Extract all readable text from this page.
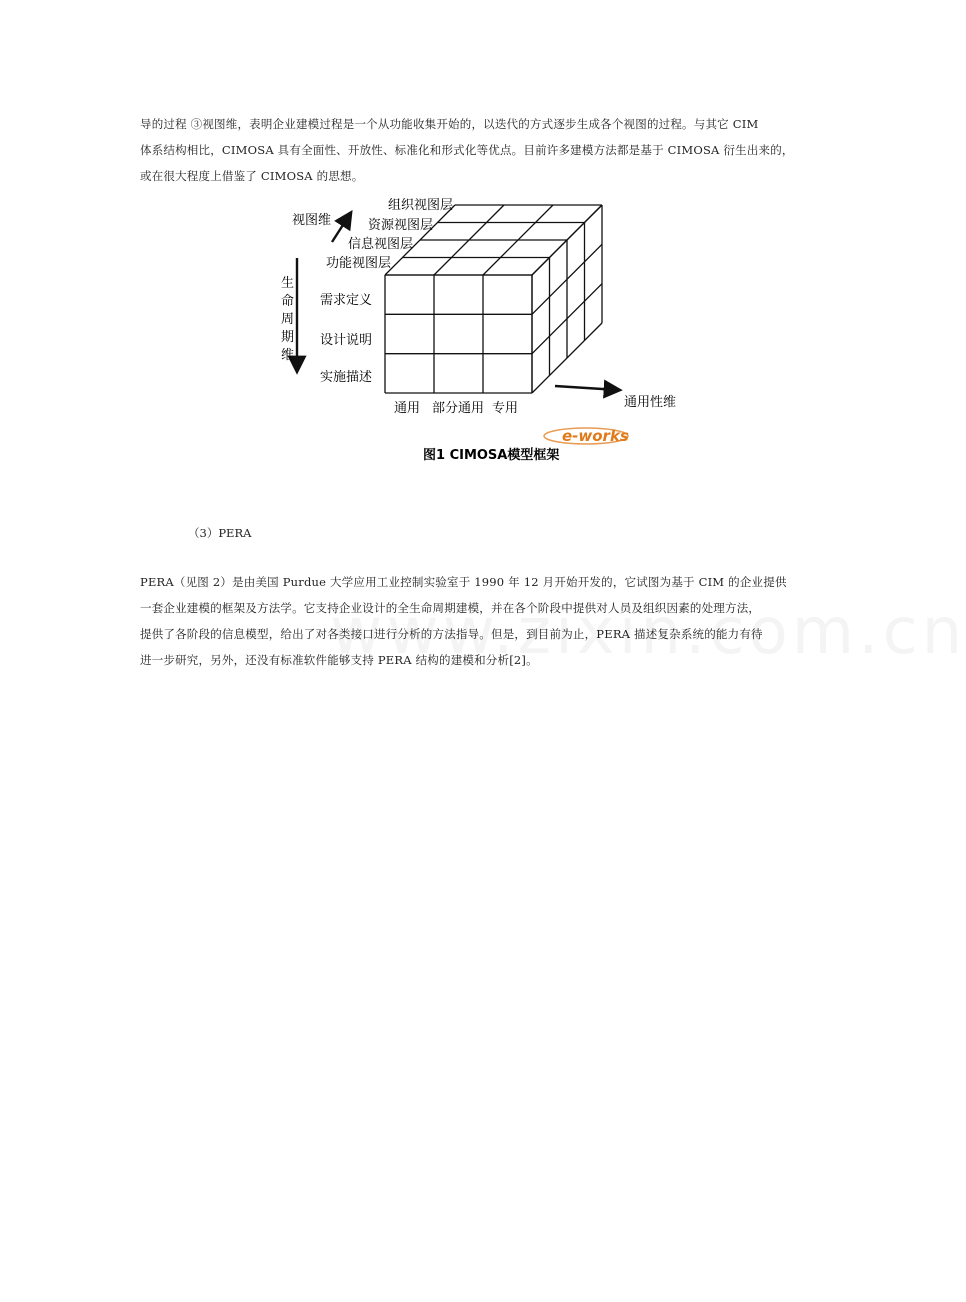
导的过程 ③视图维，表明企业建模过程是一个从功能收集开始的，以迭代的方式逐步生成各个视图的过程。与其它 CIM
体系结构相比，CIMOSA 具有全面性、开放性、标准化和形式化等优点。目前许多建模方法都是基于 CIMOSA 衍生出来的，
或在很大程度上借鉴了 CIMOSA 的思想。
视图维
组织视图层
资源视图层
信息视图层
功能视图层
生
命
周
期
维
需求定义
设计说明
实施描述
通用 部分通用 专用	通用性维
e-works
图1 CIMOSA模型框架
（3）PERA
PERA（见图 2）是由美国 Purdue 大学应用工业控制实验室于 1990 年 12 月开始开发的，它试图为基于 CIM 的企业提供
一套企业建模的框架及方法学。它支持企业设计的全生命周期建模，并在各个阶段中提供对人员及组织因素的处理方法，
提供了各阶段的信息模型，给出了对各类接口进行分析的方法指导。但是，到目前为止，PERA 描述复杂系统的能力有待
进一步研究，另外，还没有标准软件能够支持 PERA 结构的建模和分析[2]。
